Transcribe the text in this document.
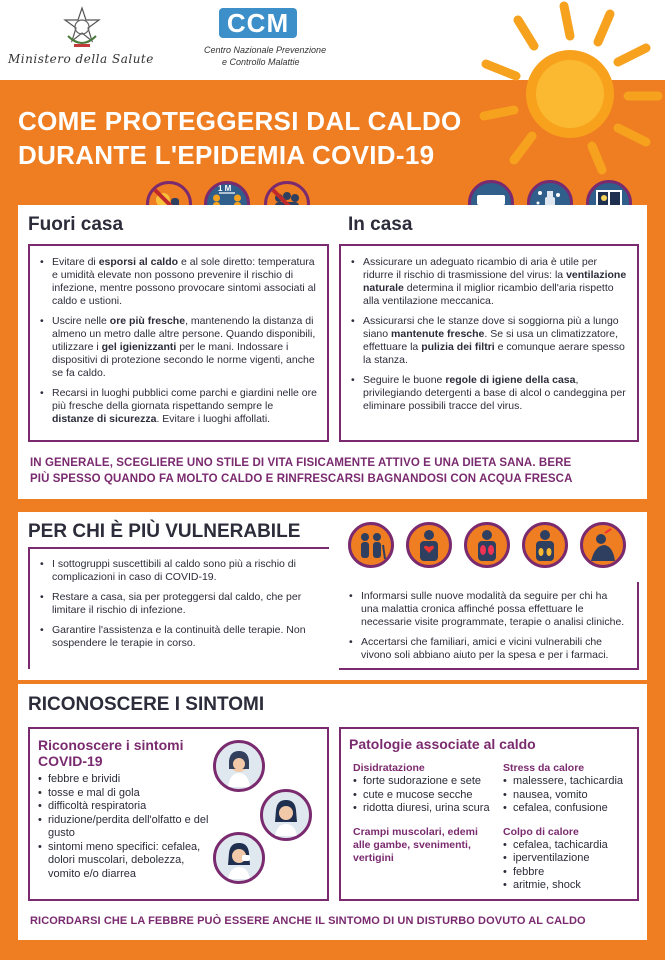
Ministero della Salute
CCM
Centro Nazionale Prevenzione
e Controllo Malattie
COME PROTEGGERSI DAL CALDO
DURANTE L'EPIDEMIA COVID-19
1 M
Fuori casa	In casa
• Evitare di esporsi al caldo e al sole diretto: temperatura e umidità elevate non possono prevenire il rischio di infezione, mentre possono provocare sintomi associati al caldo e ustioni.
• Uscire nelle ore più fresche, mantenendo la distanza di almeno un metro dalle altre persone. Quando disponibili, utilizzare i gel igienizzanti per le mani. Indossare i dispositivi di protezione secondo le norme vigenti, anche se fa caldo.
• Recarsi in luoghi pubblici come parchi e giardini nelle ore più fresche della giornata rispettando sempre le distanze di sicurezza. Evitare i luoghi affollati.
• Assicurare un adeguato ricambio di aria è utile per ridurre il rischio di trasmissione del virus: la ventilazione naturale determina il miglior ricambio dell'aria rispetto alla ventilazione meccanica.
• Assicurarsi che le stanze dove si soggiorna più a lungo siano mantenute fresche. Se si usa un climatizzatore, effettuare la pulizia dei filtri e comunque aerare spesso la stanza.
• Seguire le buone regole di igiene della casa, privilegiando detergenti a base di alcol o candeggina per eliminare possibili tracce del virus.
IN GENERALE, SCEGLIERE UNO STILE DI VITA FISICAMENTE ATTIVO E UNA DIETA SANA. BERE
PIÙ SPESSO QUANDO FA MOLTO CALDO E RINFRESCARSI BAGNANDOSI CON ACQUA FRESCA
PER CHI È PIÙ VULNERABILE
• I sottogruppi suscettibili al caldo sono più a rischio di complicazioni in caso di COVID-19.
• Restare a casa, sia per proteggersi dal caldo, che per limitare il rischio di infezione.
• Garantire l'assistenza e la continuità delle terapie. Non sospendere le terapie in corso.
• Informarsi sulle nuove modalità da seguire per chi ha una malattia cronica affinché possa effettuare le necessarie visite programmate, terapie o analisi cliniche.
• Accertarsi che familiari, amici e vicini vulnerabili che vivono soli abbiano aiuto per la spesa e per i farmaci.
RICONOSCERE I SINTOMI
Riconoscere i sintomi
COVID-19
• febbre e brividi
• tosse e mal di gola
• difficoltà respiratoria
• riduzione/perdita dell'olfatto e del gusto
• sintomi meno specifici: cefalea, dolori muscolari, debolezza, vomito e/o diarrea
Patologie associate al caldo
Disidratazione
• forte sudorazione e sete
• cute e mucose secche
• ridotta diuresi, urina scura
Crampi muscolari, edemi alle gambe, svenimenti, vertigini
Stress da calore
• malessere, tachicardia
• nausea, vomito
• cefalea, confusione
Colpo di calore
• cefalea, tachicardia
• iperventilazione
• febbre
• aritmie, shock
RICORDARSI CHE LA FEBBRE PUÒ ESSERE ANCHE IL SINTOMO DI UN DISTURBO DOVUTO AL CALDO
